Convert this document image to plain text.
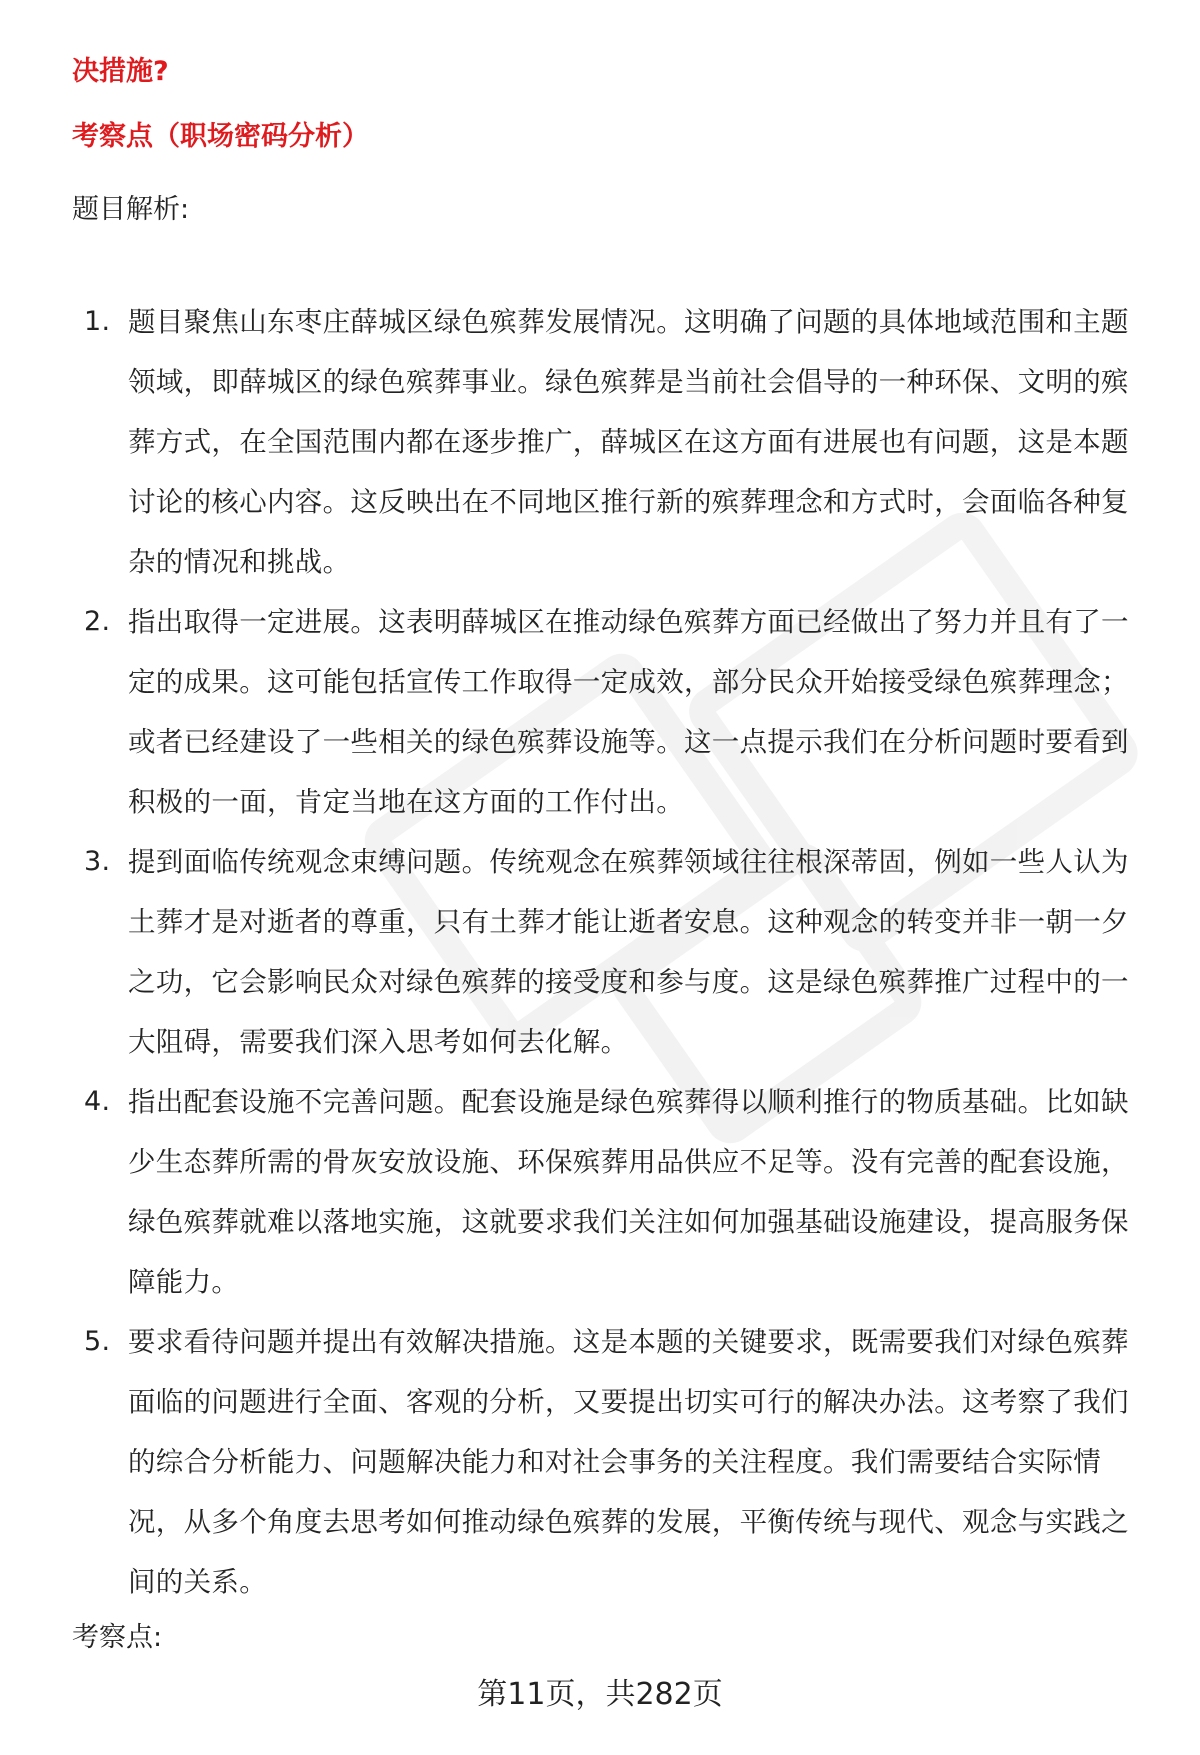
决措施?
考察点（职场密码分析）
题目解析:
1. 题目聚焦山东枣庄薛城区绿色殡葬发展情况。这明确了问题的具体地域范围和主题领域，即薛城区的绿色殡葬事业。绿色殡葬是当前社会倡导的一种环保、文明的殡葬方式，在全国范围内都在逐步推广，薛城区在这方面有进展也有问题，这是本题讨论的核心内容。这反映出在不同地区推行新的殡葬理念和方式时，会面临各种复杂的情况和挑战。
2. 指出取得一定进展。这表明薛城区在推动绿色殡葬方面已经做出了努力并且有了一定的成果。这可能包括宣传工作取得一定成效，部分民众开始接受绿色殡葬理念；或者已经建设了一些相关的绿色殡葬设施等。这一点提示我们在分析问题时要看到积极的一面，肯定当地在这方面的工作付出。
3. 提到面临传统观念束缚问题。传统观念在殡葬领域往往根深蒂固，例如一些人认为土葬才是对逝者的尊重，只有土葬才能让逝者安息。这种观念的转变并非一朝一夕之功，它会影响民众对绿色殡葬的接受度和参与度。这是绿色殡葬推广过程中的一大阻碍，需要我们深入思考如何去化解。
4. 指出配套设施不完善问题。配套设施是绿色殡葬得以顺利推行的物质基础。比如缺少生态葬所需的骨灰安放设施、环保殡葬用品供应不足等。没有完善的配套设施，绿色殡葬就难以落地实施，这就要求我们关注如何加强基础设施建设，提高服务保障能力。
5. 要求看待问题并提出有效解决措施。这是本题的关键要求，既需要我们对绿色殡葬面临的问题进行全面、客观的分析，又要提出切实可行的解决办法。这考察了我们的综合分析能力、问题解决能力和对社会事务的关注程度。我们需要结合实际情况，从多个角度去思考如何推动绿色殡葬的发展，平衡传统与现代、观念与实践之间的关系。
考察点:
第11页，共282页
